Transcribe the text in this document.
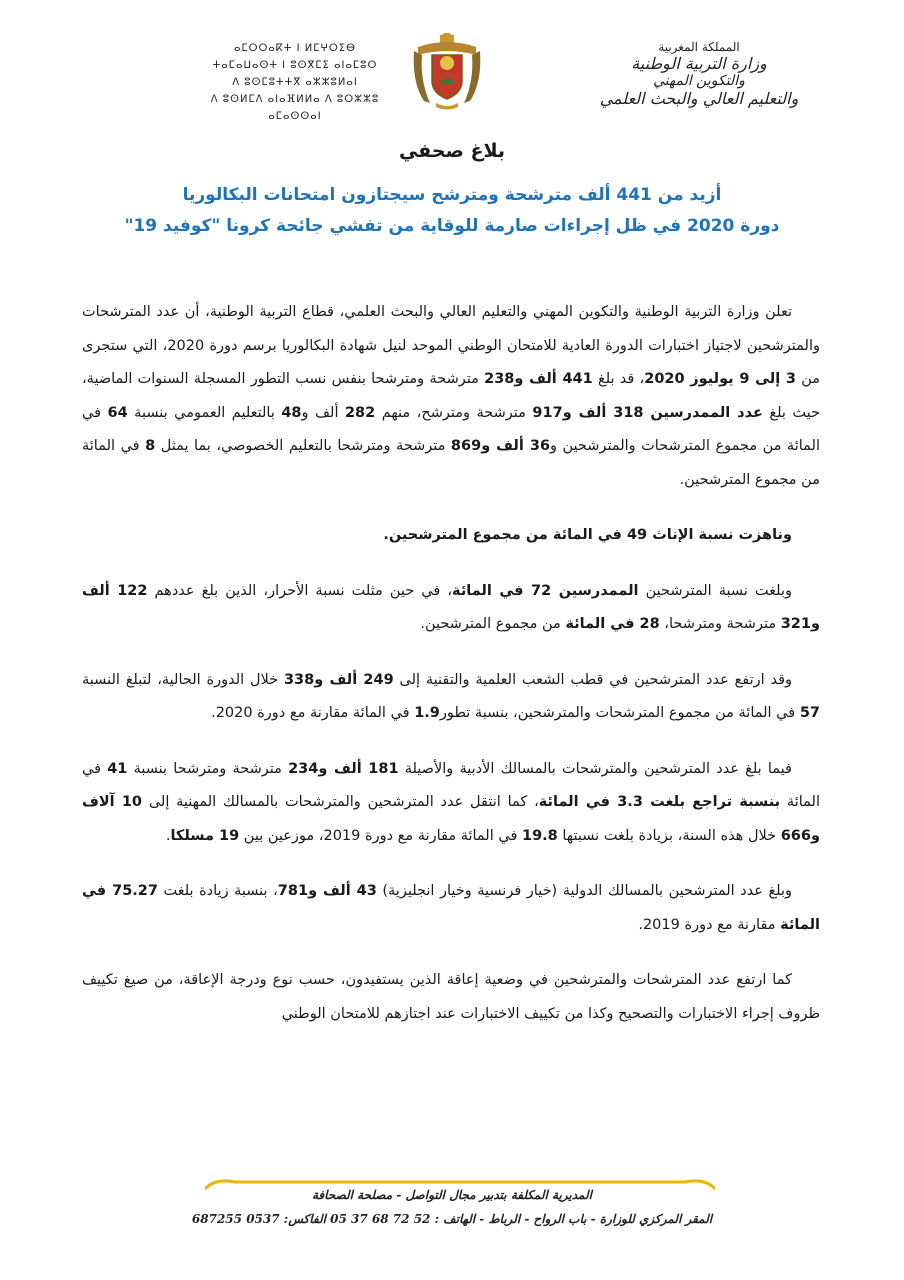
ⴰⵎⵔⵔⴰⴽⵜ ⵏ ⵍⵎⵖⵔⵉⴱ
ⵜⴰⵎⴰⵡⴰⵙⵜ ⵏ ⵓⵙⴳⵎⵉ ⴰⵏⴰⵎⵓⵔ
ⴷ ⵓⵙⵎⵓⵜⵜⴳ ⴰⵣⵣⵓⵍⴰⵏ
ⴷ ⵓⵙⵍⵎⴷ ⴰⵏⴰⴼⵍⵍⴰ ⴷ ⵓⵔⵣⵣⵓ ⴰⵎⴰⵙⵙⴰⵏ
المملكة المغربية
وزارة التربية الوطنية
والتكوين المهني
والتعليم العالي والبحث العلمي
بلاغ صحفي
أزيد من 441 ألف مترشحة ومترشح سيجتازون امتحانات البكالوريا
دورة 2020 في ظل إجراءات صارمة للوقاية من تفشي جائحة كرونا "كوفيد 19"

تعلن وزارة التربية الوطنية والتكوين المهني والتعليم العالي والبحث العلمي، قطاع التربية الوطنية، أن عدد المترشحات والمترشحين لاجتياز اختبارات الدورة العادية للامتحان الوطني الموحد لنيل شهادة البكالوريا برسم دورة 2020، التي ستجرى من 3 إلى 9 يوليوز 2020، قد بلغ 441 ألف و238 مترشحة ومترشحا بنفس نسب التطور المسجلة السنوات الماضية، حيث بلغ عدد الممدرسين 318 ألف و917 مترشحة ومترشح، منهم 282 ألف و48 بالتعليم العمومي بنسبة 64 في المائة من مجموع المترشحات والمترشحين و36 ألف و869 مترشحة ومترشحا بالتعليم الخصوصي، بما يمثل 8 في المائة من مجموع المترشحين.

وناهزت نسبة الإناث 49 في المائة من مجموع المترشحين.

وبلغت نسبة المترشحين الممدرسين 72 في المائة، في حين مثلت نسبة الأحرار، الذين بلغ عددهم 122 ألف و321 مترشحة ومترشحا، 28 في المائة من مجموع المترشحين.

وقد ارتفع عدد المترشحين في قطب الشعب العلمية والتقنية إلى 249 ألف و338 خلال الدورة الحالية، لتبلغ النسبة 57 في المائة من مجموع المترشحات والمترشحين، بنسبة تطور1.9 في المائة مقارنة مع دورة 2020.

فيما بلغ عدد المترشحين والمترشحات بالمسالك الأدبية والأصيلة 181 ألف و234 مترشحة ومترشحا بنسبة 41 في المائة بنسبة تراجع بلغت 3.3 في المائة، كما انتقل عدد المترشحين والمترشحات بالمسالك المهنية إلى 10 آلاف و666 خلال هذه السنة، بزيادة بلغت نسبتها 19.8 في المائة مقارنة مع دورة 2019، موزعين بين 19 مسلكا.

وبلغ عدد المترشحين بالمسالك الدولية (خيار فرنسية وخيار انجليزية) 43 ألف و781، بنسبة زيادة بلغت 75.27 في المائة مقارنة مع دورة 2019.

كما ارتفع عدد المترشحات والمترشحين في وضعية إعاقة الذين يستفيدون، حسب نوع ودرجة الإعاقة، من صيغ تكييف ظروف إجراء الاختبارات والتصحيح وكذا من تكييف الاختبارات عند اجتازهم للامتحان الوطني

المديرية المكلفة بتدبير مجال التواصل - مصلحة الصحافة
المقر المركزي للوزارة - باب الرواح - الرباط - الهاتف : 52 72 68 37 05 الفاكس: 0537 687255
